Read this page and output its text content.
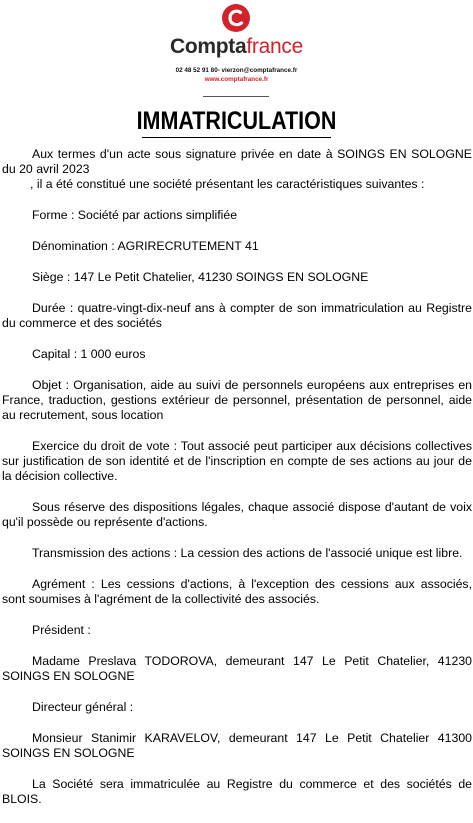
Comptafrance
02 48 52 91 80- vierzon@comptafrance.fr
www.comptafrance.fr
IMMATRICULATION

Aux termes d'un acte sous signature privée en date à SOINGS EN SOLOGNE du 20 avril 2023

, il a été constitué une société présentant les caractéristiques suivantes :

Forme : Société par actions simplifiée

Dénomination : AGRIRECRUTEMENT 41

Siège : 147 Le Petit Chatelier, 41230 SOINGS EN SOLOGNE

Durée : quatre-vingt-dix-neuf ans à compter de son immatriculation au Registre du commerce et des sociétés

Capital : 1 000 euros

Objet : Organisation, aide au suivi de personnels européens aux entreprises en France, traduction, gestions extérieur de personnel, présentation de personnel, aide au recrutement, sous location

Exercice du droit de vote : Tout associé peut participer aux décisions collectives sur justification de son identité et de l'inscription en compte de ses actions au jour de la décision collective.

Sous réserve des dispositions légales, chaque associé dispose d'autant de voix qu'il possède ou représente d'actions.

Transmission des actions : La cession des actions de l'associé unique est libre.

Agrément : Les cessions d'actions, à l'exception des cessions aux associés, sont soumises à l'agrément de la collectivité des associés.

Président :

Madame Preslava TODOROVA, demeurant 147 Le Petit Chatelier, 41230 SOINGS EN SOLOGNE

Directeur général :

Monsieur Stanimir KARAVELOV, demeurant 147 Le Petit Chatelier 41300 SOINGS EN SOLOGNE

La Société sera immatriculée au Registre du commerce et des sociétés de BLOIS.
